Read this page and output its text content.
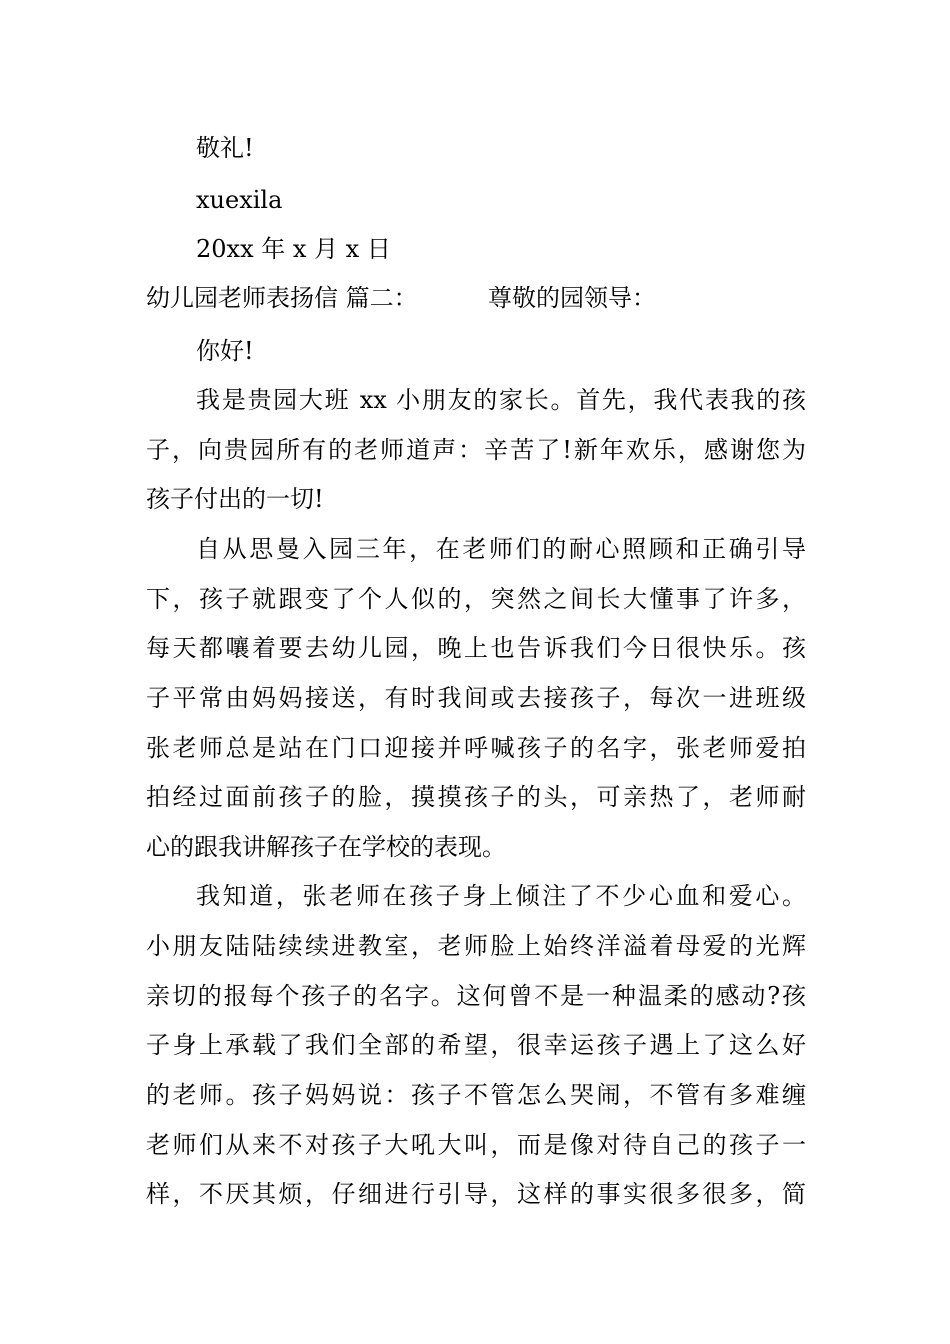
敬礼!
xuexila
20xx 年 x 月 x 日
幼儿园老师表扬信 篇二：	尊敬的园领导：
你好!
我是贵园大班 xx 小朋友的家长。首先，我代表我的孩
子，向贵园所有的老师道声：辛苦了!新年欢乐，感谢您为
孩子付出的一切!
自从思曼入园三年，在老师们的耐心照顾和正确引导
下，孩子就跟变了个人似的，突然之间长大懂事了许多，
每天都嚷着要去幼儿园，晚上也告诉我们今日很快乐。孩
子平常由妈妈接送，有时我间或去接孩子，每次一进班级
张老师总是站在门口迎接并呼喊孩子的名字，张老师爱拍
拍经过面前孩子的脸，摸摸孩子的头，可亲热了，老师耐
心的跟我讲解孩子在学校的表现。
我知道，张老师在孩子身上倾注了不少心血和爱心。
小朋友陆陆续续进教室，老师脸上始终洋溢着母爱的光辉
亲切的报每个孩子的名字。这何曾不是一种温柔的感动?孩
子身上承载了我们全部的希望，很幸运孩子遇上了这么好
的老师。孩子妈妈说：孩子不管怎么哭闹，不管有多难缠
老师们从来不对孩子大吼大叫，而是像对待自己的孩子一
样，不厌其烦，仔细进行引导，这样的事实很多很多，简
